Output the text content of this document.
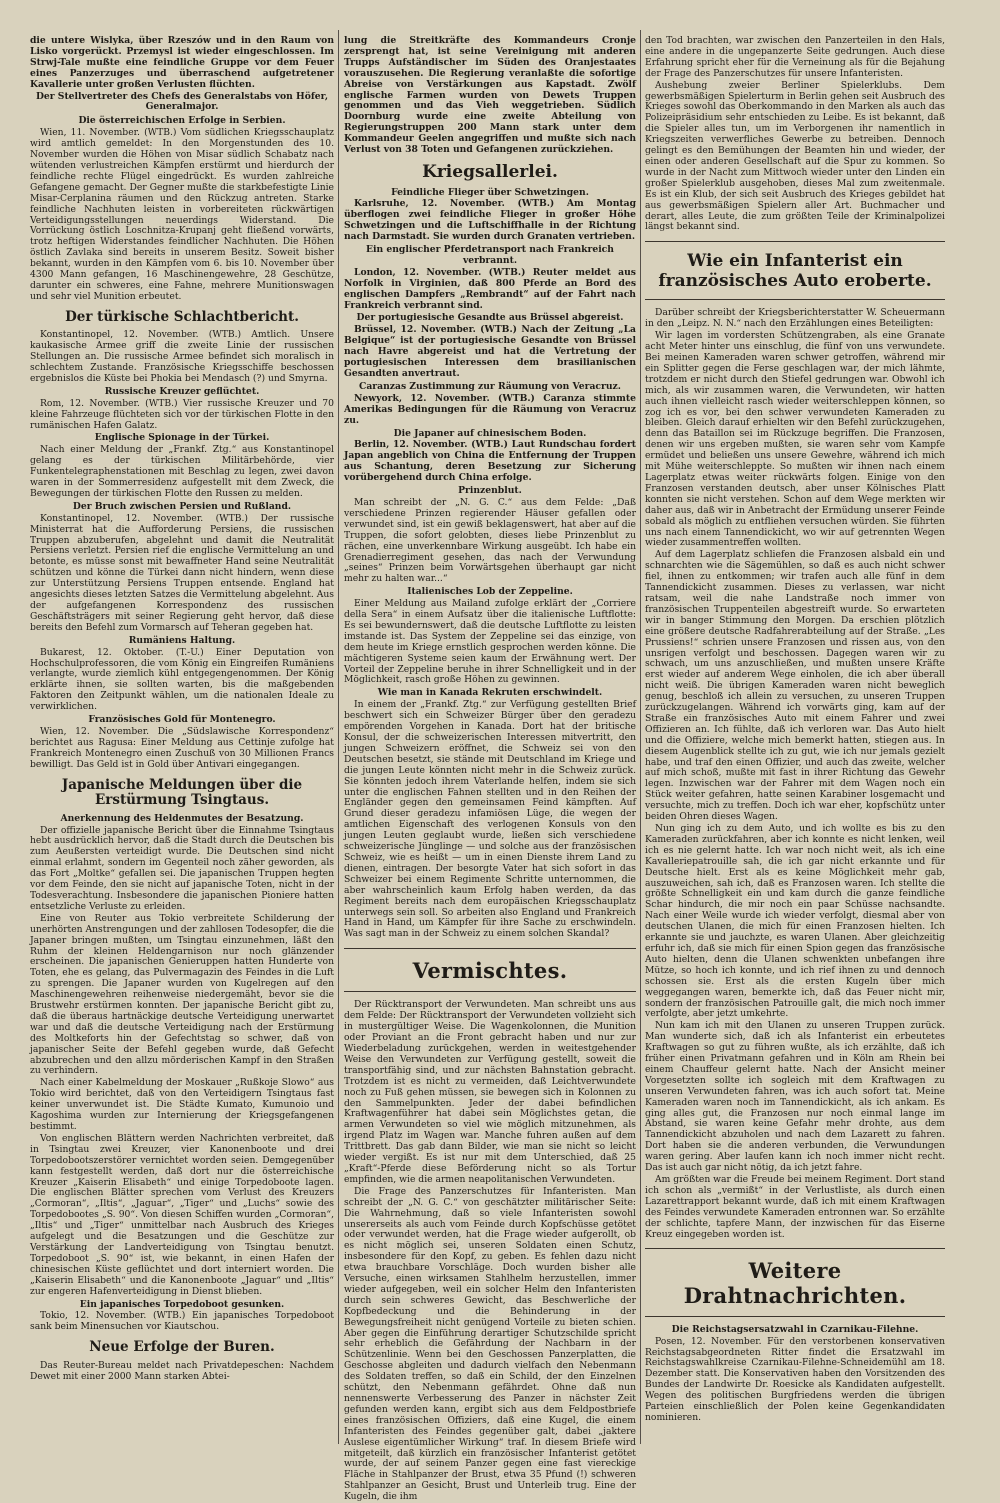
die untere Wislyka, über Rzeszów und in den Raum von Lisko vorgerückt. Przemysl ist wieder eingeschlossen. Im Strwj-Tale mußte eine feindliche Gruppe vor dem Feuer eines Panzerzuges und überraschend aufgetretener Kavallerie unter großen Verlusten flüchten.

Der Stellvertreter des Chefs des Generalstabs von Höfer, Generalmajor.

Die österreichischen Erfolge in Serbien.

Wien, 11. November. (WTB.) Vom südlichen Kriegsschauplatz wird amtlich gemeldet: In den Morgenstunden des 10. November wurden die Höhen von Misar südlich Schabatz nach wütenden verlustreichen Kämpfen erstürmt und hierdurch der feindliche rechte Flügel eingedrückt. Es wurden zahlreiche Gefangene gemacht. Der Gegner mußte die starkbefestigte Linie Misar-Cerplanina räumen und den Rückzug antreten. Starke feindliche Nachhuten leisten in vorbereiteten rückwärtigen Verteidigungsstellungen neuerdings Widerstand. Die Vorrückung östlich Loschnitza-Krupanj geht fließend vorwärts, trotz heftigen Widerstandes feindlicher Nachhuten. Die Höhen östlich Zavlaka sind bereits in unserem Besitz. Soweit bisher bekannt, wurden in den Kämpfen vom 6. bis 10. November über 4300 Mann gefangen, 16 Maschinengewehre, 28 Geschütze, darunter ein schweres, eine Fahne, mehrere Munitionswagen und sehr viel Munition erbeutet.

Der türkische Schlachtbericht.

Konstantinopel, 12. November. (WTB.) Amtlich. Unsere kaukasische Armee griff die zweite Linie der russischen Stellungen an. Die russische Armee befindet sich moralisch in schlechtem Zustande. Französische Kriegsschiffe beschossen ergebnislos die Küste bei Phokia bei Mendasch (?) und Smyrna.

Russische Kreuzer geflüchtet.

Rom, 12. November. (WTB.) Vier russische Kreuzer und 70 kleine Fahrzeuge flüchteten sich vor der türkischen Flotte in den rumänischen Hafen Galatz.

Englische Spionage in der Türkei.

Nach einer Meldung der „Frankf. Ztg.“ aus Konstantinopel gelang es der türkischen Militärbehörde, vier Funkentelegraphenstationen mit Beschlag zu legen, zwei davon waren in der Sommerresidenz aufgestellt mit dem Zweck, die Bewegungen der türkischen Flotte den Russen zu melden.

Der Bruch zwischen Persien und Rußland.

Konstantinopel, 12. November. (WTB.) Der russische Ministerrat hat die Aufforderung Persiens, die russischen Truppen abzuberufen, abgelehnt und damit die Neutralität Persiens verletzt. Persien rief die englische Vermittelung an und betonte, es müsse sonst mit bewaffneter Hand seine Neutralität schützen und könne die Türkei dann nicht hindern, wenn diese zur Unterstützung Persiens Truppen entsende. England hat angesichts dieses letzten Satzes die Vermittelung abgelehnt. Aus der aufgefangenen Korrespondenz des russischen Geschäftsträgers mit seiner Regierung geht hervor, daß diese bereits den Befehl zum Vormarsch auf Teheran gegeben hat.

Rumäniens Haltung.

Bukarest, 12. Oktober. (T.-U.) Einer Deputation von Hochschulprofessoren, die vom König ein Eingreifen Rumäniens verlangte, wurde ziemlich kühl entgegengenommen. Der König erklärte ihnen, sie sollten warten, bis die maßgebenden Faktoren den Zeitpunkt wählen, um die nationalen Ideale zu verwirklichen.

Französisches Gold für Montenegro.

Wien, 12. November. Die „Südslawische Korrespondenz“ berichtet aus Ragusa: Einer Meldung aus Cettinje zufolge hat Frankreich Montenegro einen Zuschuß von 30 Millionen Francs bewilligt. Das Geld ist in Gold über Antivari eingegangen.

Japanische Meldungen über die Erstürmung Tsingtaus.

Anerkennung des Heldenmutes der Besatzung.

Der offizielle japanische Bericht über die Einnahme Tsingtaus hebt ausdrücklich hervor, daß die Stadt durch die Deutschen bis zum Aeußersten verteidigt wurde. Die Deutschen sind nicht einmal erlahmt, sondern im Gegenteil noch zäher geworden, als das Fort „Moltke“ gefallen sei. Die japanischen Truppen hegten vor dem Feinde, den sie nicht auf japanische Toten, nicht in der Todesverachtung. Insbesondere die japanischen Pioniere hatten entsetzliche Verluste zu erleiden.

Eine von Reuter aus Tokio verbreitete Schilderung der unerhörten Anstrengungen und der zahllosen Todesopfer, die die Japaner bringen mußten, um Tsingtau einzunehmen, läßt den Ruhm der kleinen Heldengarnison nur noch glänzender erscheinen. Die japanischen Genieruppen hatten Hunderte von Toten, ehe es gelang, das Pulvermagazin des Feindes in die Luft zu sprengen. Die Japaner wurden von Kugelregen auf den Maschinengewehren reihenweise niedergemäht, bevor sie die Brustwehr erstürmen konnten. Der japanische Bericht gibt zu, daß die überaus hartnäckige deutsche Verteidigung unerwartet war und daß die deutsche Verteidigung nach der Erstürmung des Moltkeforts hin der Gefechtstag so schwer, daß von japanischer Seite der Befehl gegeben wurde, daß Gefecht abzubrechen und den allzu mörderischen Kampf in den Straßen zu verhindern.

Nach einer Kabelmeldung der Moskauer „Rußkoje Slowo“ aus Tokio wird berichtet, daß von den Verteidigern Tsingtaus fast keiner unverwundet ist. Die Städte Kumato, Kumunoio und Kagoshima wurden zur Internierung der Kriegsgefangenen bestimmt.

Von englischen Blättern werden Nachrichten verbreitet, daß in Tsingtau zwei Kreuzer, vier Kanonenboote und drei Torpedobootszerstörer vernichtet worden seien. Demgegenüber kann festgestellt werden, daß dort nur die österreichische Kreuzer „Kaiserin Elisabeth“ und einige Torpedoboote lagen. Die englischen Blätter sprechen vom Verlust des Kreuzers „Cormoran“, „Iltis“, „Jaguar“, „Tiger“ und „Luchs“ sowie des Torpedobootes „S. 90“. Von diesen Schiffen wurden „Cormoran“, „Iltis“ und „Tiger“ unmittelbar nach Ausbruch des Krieges aufgelegt und die Besatzungen und die Geschütze zur Verstärkung der Landverteidigung von Tsingtau benutzt. Torpedoboot „S. 90“ ist, wie bekannt, in einen Hafen der chinesischen Küste geflüchtet und dort interniert worden. Die „Kaiserin Elisabeth“ und die Kanonenboote „Jaguar“ und „Iltis“ zur engeren Hafenverteidigung in Dienst blieben.

Ein japanisches Torpedoboot gesunken.

Tokio, 12. November. (WTB.) Ein japanisches Torpedoboot sank beim Minensuchen vor Kiautschou.

Neue Erfolge der Buren.

Das Reuter-Bureau meldet nach Privatdepeschen: Nachdem Dewet mit einer 2000 Mann starken Abtei-

lung die Streitkräfte des Kommandeurs Cronje zersprengt hat, ist seine Vereinigung mit anderen Trupps Aufständischer im Süden des Oranjestaates vorauszusehen. Die Regierung veranlaßte die sofortige Abreise von Verstärkungen aus Kapstadt. Zwölf englische Farmen wurden von Dewets Truppen genommen und das Vieh weggetrieben. Südlich Doornburg wurde eine zweite Abteilung von Regierungstruppen 200 Mann stark unter dem Kommandeur Geelen angegriffen und mußte sich nach Verlust von 38 Toten und Gefangenen zurückziehen.

Kriegsallerlei.

Feindliche Flieger über Schwetzingen.

Karlsruhe, 12. November. (WTB.) Am Montag überflogen zwei feindliche Flieger in großer Höhe Schwetzingen und die Luftschiffhalle in der Richtung nach Darmstadt. Sie wurden durch Granaten vertrieben.

Ein englischer Pferdetransport nach Frankreich verbrannt.

London, 12. November. (WTB.) Reuter meldet aus Norfolk in Virginien, daß 800 Pferde an Bord des englischen Dampfers „Rembrandt“ auf der Fahrt nach Frankreich verbrannt sind.

Der portugiesische Gesandte aus Brüssel abgereist.

Brüssel, 12. November. (WTB.) Nach der Zeitung „La Belgique“ ist der portugiesische Gesandte von Brüssel nach Havre abgereist und hat die Vertretung der portugiesischen Interessen dem brasilianischen Gesandten anvertraut.

Caranzas Zustimmung zur Räumung von Veracruz.

Newyork, 12. November. (WTB.) Caranza stimmte Amerikas Bedingungen für die Räumung von Veracruz zu.

Die Japaner auf chinesischem Boden.

Berlin, 12. November. (WTB.) Laut Rundschau fordert Japan angeblich von China die Entfernung der Truppen aus Schantung, deren Besetzung zur Sicherung vorübergehend durch China erfolge.

Prinzenblut.

Man schreibt der „N. G. C.“ aus dem Felde: „Daß verschiedene Prinzen regierender Häuser gefallen oder verwundet sind, ist ein gewiß beklagenswert, hat aber auf die Truppen, die sofort gelobten, dieses liebe Prinzenblut zu rächen, eine unverkennbare Wirkung ausgeübt. Ich habe ein Grenadierregiment gesehen, das nach der Verwundung „seines“ Prinzen beim Vorwärtsgehen überhaupt gar nicht mehr zu halten war...“

Italienisches Lob der Zeppeline.

Einer Meldung aus Mailand zufolge erklärt der „Corriere della Sera“ in einem Aufsatz über die italienische Luftflotte: Es sei bewundernswert, daß die deutsche Luftflotte zu leisten imstande ist. Das System der Zeppeline sei das einzige, von dem heute im Kriege ernstlich gesprochen werden könne. Die mächtigeren Systeme seien kaum der Erwähnung wert. Der Vorteil der Zeppeline beruhe in ihrer Schnelligkeit und in der Möglichkeit, rasch große Höhen zu gewinnen.

Wie man in Kanada Rekruten erschwindelt.

In einem der „Frankf. Ztg.“ zur Verfügung gestellten Brief beschwert sich ein Schweizer Bürger über den geradezu empörenden Vorgehen in Kanada. Dort hat der britische Konsul, der die schweizerischen Interessen mitvertritt, den jungen Schweizern eröffnet, die Schweiz sei von den Deutschen besetzt, sie stände mit Deutschland im Kriege und die jungen Leute könnten nicht mehr in die Schweiz zurück. Sie könnten jedoch ihrem Vaterlande helfen, indem sie sich unter die englischen Fahnen stellten und in den Reihen der Engländer gegen den gemeinsamen Feind kämpften. Auf Grund dieser geradezu infamiösen Lüge, die wegen der amtlichen Eigenschaft des verlogenen Konsuls von den jungen Leuten geglaubt wurde, ließen sich verschiedene schweizerische Jünglinge — und solche aus der französischen Schweiz, wie es heißt — um in einen Dienste ihrem Land zu dienen, eintragen. Der besorgte Vater hat sich sofort in das Schweizer bei einem Regimente Schritte unternommen, die aber wahrscheinlich kaum Erfolg haben werden, da das Regiment bereits nach dem europäischen Kriegsschauplatz unterwegs sein soll. So arbeiten also England und Frankreich Hand in Hand, um Kämpfer für ihre Sache zu erschwindeln. Was sagt man in der Schweiz zu einem solchen Skandal?

Vermischtes.

Der Rücktransport der Verwundeten. Man schreibt uns aus dem Felde: Der Rücktransport der Verwundeten vollzieht sich in mustergültiger Weise. Die Wagenkolonnen, die Munition oder Proviant an die Front gebracht haben und nur zur Wiederbeladung zurückgehen, werden in weitestgehender Weise den Verwundeten zur Verfügung gestellt, soweit die transportfähig sind, und zur nächsten Bahnstation gebracht. Trotzdem ist es nicht zu vermeiden, daß Leichtverwundete noch zu Fuß gehen müssen, sie bewegen sich in Kolonnen zu den Sammelpunkten. Jeder der dabei befindlichen Kraftwagenführer hat dabei sein Möglichstes getan, die armen Verwundeten so viel wie möglich mitzunehmen, als irgend Platz im Wagen war. Manche fuhren außen auf dem Trittbrett. Das gab dann Bilder, wie man sie nicht so leicht wieder vergißt. Es ist nur mit dem Unterschied, daß 25 „Kraft“-Pferde diese Beförderung nicht so als Tortur empfinden, wie die armen neapolitanischen Verwundeten.

Die Frage des Panzerschutzes für Infanteristen. Man schreibt der „N. G. C.“ von geschätzter militärischer Seite: Die Wahrnehmung, daß so viele Infanteristen sowohl unsererseits als auch vom Feinde durch Kopfschüsse getötet oder verwundet werden, hat die Frage wieder aufgerollt, ob es nicht möglich sei, unseren Soldaten einen Schutz, insbesondere für den Kopf, zu geben. Es fehlen dazu nicht etwa brauchbare Vorschläge. Doch wurden bisher alle Versuche, einen wirksamen Stahlhelm herzustellen, immer wieder aufgegeben, weil ein solcher Helm den Infanteristen durch sein schweres Gewicht, das Beschwerliche der Kopfbedeckung und die Behinderung in der Bewegungsfreiheit nicht genügend Vorteile zu bieten schien. Aber gegen die Einführung derartiger Schutzschilde spricht sehr erheblich die Gefährdung der Nachbarn in der Schützenlinie. Wenn bei den Geschossen Panzerplatten, die Geschosse abgleiten und dadurch vielfach den Nebenmann des Soldaten treffen, so daß ein Schild, der den Einzelnen schützt, den Nebenmann gefährdet. Ohne daß nun nennenswerte Verbesserung des Panzer in nächster Zeit gefunden werden kann, ergibt sich aus dem Feldpostbriefe eines französischen Offiziers, daß eine Kugel, die einem Infanteristen des Feindes gegenüber galt, dabei „jaktere Auslese eigentümlicher Wirkung“ traf. In diesem Briefe wird mitgeteilt, daß kürzlich ein französischer Infanterist getötet wurde, der auf seinem Panzer gegen eine fast viereckige Fläche in Stahlpanzer der Brust, etwa 35 Pfund (!) schweren Stahlpanzer an Gesicht, Brust und Unterleib trug. Eine der Kugeln, die ihm

den Tod brachten, war zwischen den Panzerteilen in den Hals, eine andere in die ungepanzerte Seite gedrungen. Auch diese Erfahrung spricht eher für die Verneinung als für die Bejahung der Frage des Panzerschutzes für unsere Infanteristen.

Aushebung zweier Berliner Spielerklubs. Dem gewerbsmäßigen Spielerturm in Berlin gehen seit Ausbruch des Krieges sowohl das Oberkommando in den Marken als auch das Polizeipräsidium sehr entschieden zu Leibe. Es ist bekannt, daß die Spieler alles tun, um im Verborgenen ihr namentlich in Kriegszeiten verwerfliches Gewerbe zu betreiben. Dennoch gelingt es den Bemühungen der Beamten hin und wieder, der einen oder anderen Gesellschaft auf die Spur zu kommen. So wurde in der Nacht zum Mittwoch wieder unter den Linden ein großer Spielerklub ausgehoben, dieses Mal zum zweitenmale. Es ist ein Klub, der sich seit Ausbruch des Krieges gebildet hat aus gewerbsmäßigen Spielern aller Art. Buchmacher und derart, alles Leute, die zum größten Teile der Kriminalpolizei längst bekannt sind.

Wie ein Infanterist ein französisches Auto eroberte.

Darüber schreibt der Kriegsberichterstatter W. Scheuermann in den „Leipz. N. N.“ nach den Erzählungen eines Beteiligten:

Wir lagen im vordersten Schützengraben, als eine Granate acht Meter hinter uns einschlug, die fünf von uns verwundete. Bei meinen Kameraden waren schwer getroffen, während mir ein Splitter gegen die Ferse geschlagen war, der mich lähmte, trotzdem er nicht durch den Stiefel gedrungen war. Obwohl ich mich, als wir zusammen waren, die Verwundeten, wir hatten auch ihnen vielleicht rasch wieder weiterschleppen können, so zog ich es vor, bei den schwer verwundeten Kameraden zu bleiben. Gleich darauf erhielten wir den Befehl zurückzugehen, denn das Bataillon sei im Rückzuge begriffen. Die Franzosen, denen wir uns ergeben mußten, sie waren sehr vom Kampfe ermüdet und beließen uns unsere Gewehre, während ich mich mit Mühe weiterschleppte. So mußten wir ihnen nach einem Lagerplatz etwas weiter rückwärts folgen. Einige von den Franzosen verstanden deutsch, aber unser Kölnisches Platt konnten sie nicht verstehen. Schon auf dem Wege merkten wir daher aus, daß wir in Anbetracht der Ermüdung unserer Feinde sobald als möglich zu entfliehen versuchen würden. Sie führten uns nach einem Tannendickicht, wo wir auf getrennten Wegen wieder zusammentreffen wollten.

Auf dem Lagerplatz schliefen die Franzosen alsbald ein und schnarchten wie die Sägemühlen, so daß es auch nicht schwer fiel, ihnen zu entkommen; wir trafen auch alle fünf in dem Tannendickicht zusammen. Dieses zu verlassen, war nicht ratsam, weil die nahe Landstraße noch immer von französischen Truppenteilen abgestreift wurde. So erwarteten wir in banger Stimmung den Morgen. Da erschien plötzlich eine größere deutsche Radfahrerabteilung auf der Straße. „Les Prussiens!“ schrien unsere Franzosen und rissen aus, von den unsrigen verfolgt und beschossen. Dagegen waren wir zu schwach, um uns anzuschließen, und mußten unsere Kräfte erst wieder auf anderem Wege einholen, die ich aber überall nicht weiß. Die übrigen Kameraden waren nicht beweglich genug, beschloß ich allein zu versuchen, zu unseren Truppen zurückzugelangen. Während ich vorwärts ging, kam auf der Straße ein französisches Auto mit einem Fahrer und zwei Offizieren an. Ich fühlte, daß ich verloren war. Das Auto hielt und die Offiziere, welche mich bemerkt hatten, stiegen aus. In diesem Augenblick stellte ich zu gut, wie ich nur jemals gezielt habe, und traf den einen Offizier, und auch das zweite, welcher auf mich schoß, mußte mit fast in ihrer Richtung das Gewehr legen. Inzwischen war der Fahrer mit dem Wagen noch ein Stück weiter gefahren, hatte seinen Karabiner losgemacht und versuchte, mich zu treffen. Doch ich war eher, kopfschütz unter beiden Ohren dieses Wagen.

Nun ging ich zu dem Auto, und ich wollte es bis zu den Kameraden zurückfahren, aber ich konnte es nicht lenken, weil ich es nie gelernt hatte. Ich war noch nicht weit, als ich eine Kavalleriepatrouille sah, die ich gar nicht erkannte und für Deutsche hielt. Erst als es keine Möglichkeit mehr gab, auszuweichen, sah ich, daß es Franzosen waren. Ich stellte die größte Schnelligkeit ein und kam durch die ganze feindliche Schar hindurch, die mir noch ein paar Schüsse nachsandte. Nach einer Weile wurde ich wieder verfolgt, diesmal aber von deutschen Ulanen, die mich für einen Franzosen hielten. Ich erkannte sie und jauchzte, es waren Ulanen. Aber gleichzeitig erfuhr ich, daß sie mich für einen Spion gegen das französische Auto hielten, denn die Ulanen schwenkten unbefangen ihre Mütze, so hoch ich konnte, und ich rief ihnen zu und dennoch schossen sie. Erst als die ersten Kugeln über mich weggegangen waren, bemerkte ich, daß das Feuer nicht mir, sondern der französischen Patrouille galt, die mich noch immer verfolgte, aber jetzt umkehrte.

Nun kam ich mit den Ulanen zu unseren Truppen zurück. Man wunderte sich, daß ich als Infanterist ein erbeutetes Kraftwagen so gut zu führen wußte, als ich erzählte, daß ich früher einen Privatmann gefahren und in Köln am Rhein bei einem Chauffeur gelernt hatte. Nach der Ansicht meiner Vorgesetzten sollte ich sogleich mit dem Kraftwagen zu unseren Verwundeten fahren, was ich auch sofort tat. Meine Kameraden waren noch im Tannendickicht, als ich ankam. Es ging alles gut, die Franzosen nur noch einmal lange im Abstand, sie waren keine Gefahr mehr drohte, aus dem Tannendickicht abzuholen und nach dem Lazarett zu fahren. Dort haben sie die anderen verbunden, die Verwundungen waren gering. Aber laufen kann ich noch immer nicht recht. Das ist auch gar nicht nötig, da ich jetzt fahre.

Am größten war die Freude bei meinem Regiment. Dort stand ich schon als „vermißt“ in der Verlustliste, als durch einen Lazarettrapport bekannt wurde, daß ich mit einem Kraftwagen des Feindes verwundete Kameraden entronnen war. So erzählte der schlichte, tapfere Mann, der inzwischen für das Eiserne Kreuz eingegeben worden ist.

Weitere Drahtnachrichten.

Die Reichstagsersatzwahl in Czarnikau-Filehne.

Posen, 12. November. Für den verstorbenen konservativen Reichstagsabgeordneten Ritter findet die Ersatzwahl im Reichstagswahlkreise Czarnikau-Filehne-Schneidemühl am 18. Dezember statt. Die Konservativen haben den Vorsitzenden des Bundes der Landwirte Dr. Roesicke als Kandidaten aufgestellt. Wegen des politischen Burgfriedens werden die übrigen Parteien einschließlich der Polen keine Gegenkandidaten nominieren.
